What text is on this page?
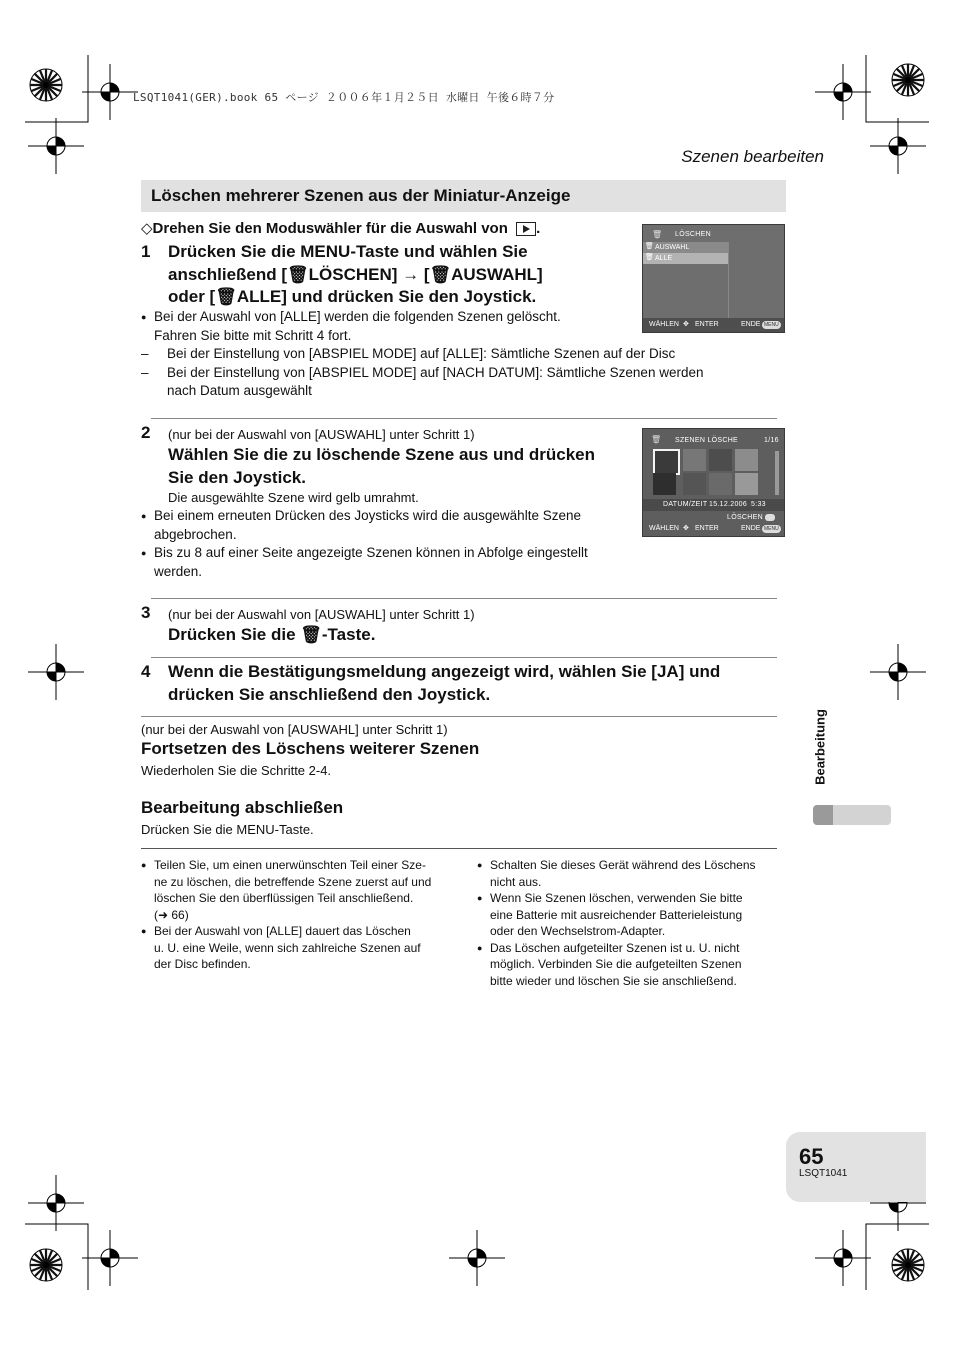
LSQT1041(GER).book 65 ページ ２００６年１月２５日 水曜日 午後６時７分
Szenen bearbeiten
Löschen mehrerer Szenen aus der Miniatur-Anzeige
◇Drehen Sie den Moduswähler für die Auswahl von .
1 Drücken Sie die MENU-Taste und wählen Sie
anschließend [🗑︎LÖSCHEN] → [🗑︎AUSWAHL]
oder [🗑︎ALLE] und drücken Sie den Joystick.
● Bei der Auswahl von [ALLE] werden die folgenden Szenen gelöscht.
Fahren Sie bitte mit Schritt 4 fort.
– Bei der Einstellung von [ABSPIEL MODE] auf [ALLE]: Sämtliche Szenen auf der Disc
– Bei der Einstellung von [ABSPIEL MODE] auf [NACH DATUM]: Sämtliche Szenen werden
nach Datum ausgewählt
LÖSCHEN
🗑︎
AUSWAHL
ALLE
🗑︎
🗑︎
WÄHLEN ✥ ENTER	ENDE MENU
2 (nur bei der Auswahl von [AUSWAHL] unter Schritt 1)
Wählen Sie die zu löschende Szene aus und drücken
Sie den Joystick.
Die ausgewählte Szene wird gelb umrahmt.
● Bei einem erneuten Drücken des Joysticks wird die ausgewählte Szene
abgebrochen.
● Bis zu 8 auf einer Seite angezeigte Szenen können in Abfolge eingestellt
werden.
🗑︎ SZENEN LÖSCHE	1/16
DATUM/ZEIT 15.12.2006 5:33
LÖSCHEN
WÄHLEN ✥ ENTER	ENDE MENU
3 (nur bei der Auswahl von [AUSWAHL] unter Schritt 1)
Drücken Sie die 🗑︎-Taste.
4 Wenn die Bestätigungsmeldung angezeigt wird, wählen Sie [JA] und
drücken Sie anschließend den Joystick.
(nur bei der Auswahl von [AUSWAHL] unter Schritt 1)
Fortsetzen des Löschens weiterer Szenen
Wiederholen Sie die Schritte 2-4.
Bearbeitung abschließen
Drücken Sie die MENU-Taste.
● Teilen Sie, um einen unerwünschten Teil einer Sze-
ne zu löschen, die betreffende Szene zuerst auf und
löschen Sie den überflüssigen Teil anschließend.
(➜ 66)
● Bei der Auswahl von [ALLE] dauert das Löschen
u. U. eine Weile, wenn sich zahlreiche Szenen auf
der Disc befinden.
● Schalten Sie dieses Gerät während des Löschens
nicht aus.
● Wenn Sie Szenen löschen, verwenden Sie bitte
eine Batterie mit ausreichender Batterieleistung
oder den Wechselstrom-Adapter.
● Das Löschen aufgeteilter Szenen ist u. U. nicht
möglich. Verbinden Sie die aufgeteilten Szenen
bitte wieder und löschen Sie sie anschließend.
Bearbeitung
65
LSQT1041
